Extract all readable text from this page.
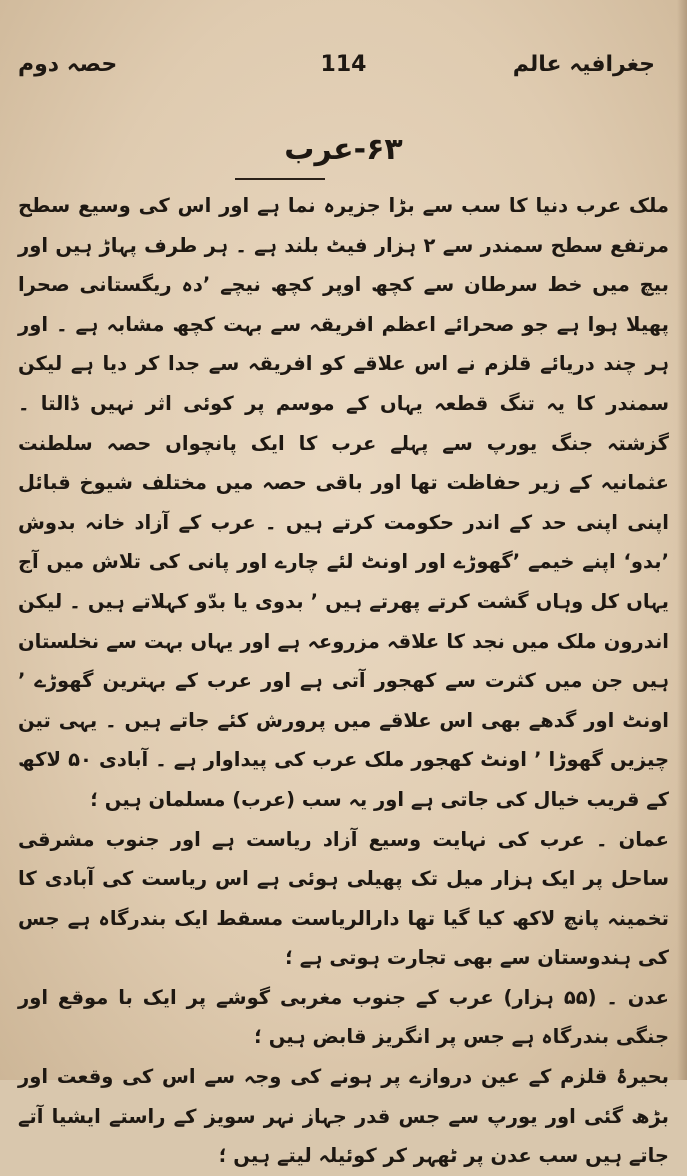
جغرافیہ عالم
114
حصہ دوم
۶۳-عرب

ملک عرب دنیا کا سب سے بڑا جزیرہ نما ہے اور اس کی وسیع سطح مرتفع سطح سمندر سے ۲ ہزار فیٹ بلند ہے ۔ ہر طرف پہاڑ ہیں اور بیچ میں خط سرطان سے کچھ اوپر کچھ نیچے ’دہ ریگستانی صحرا پھیلا ہوا ہے جو صحرائے اعظم افریقہ سے بہت کچھ مشابہ ہے ۔ اور ہر چند دریائے قلزم نے اس علاقے کو افریقہ سے جدا کر دیا ہے لیکن سمندر کا یہ تنگ قطعہ یہاں کے موسم پر کوئی اثر نہیں ڈالتا ۔ گزشتہ جنگ یورپ سے پہلے عرب کا ایک پانچواں حصہ سلطنت عثمانیہ کے زیر حفاظت تھا اور باقی حصہ میں مختلف شیوخ قبائل اپنی اپنی حد کے اندر حکومت کرتے ہیں ۔ عرب کے آزاد خانہ بدوش ’بدو‘ اپنے خیمے ’گھوڑے اور اونٹ لئے چارے اور پانی کی تلاش میں آج یہاں کل وہاں گشت کرتے پھرتے ہیں ’ بدوی یا بدّو کہلاتے ہیں ۔ لیکن اندرون ملک میں نجد کا علاقہ مزروعہ ہے اور یہاں بہت سے نخلستان ہیں جن میں کثرت سے کھجور آتی ہے اور عرب کے بہترین گھوڑے ’ اونٹ اور گدھے بھی اس علاقے میں پرورش کئے جاتے ہیں ۔ یہی تین چیزیں گھوڑا ’ اونٹ کھجور ملک عرب کی پیداوار ہے ۔ آبادی ۵۰ لاکھ کے قریب خیال کی جاتی ہے اور یہ سب (عرب) مسلمان ہیں ؛

عمان ۔ عرب کی نہایت وسیع آزاد ریاست ہے اور جنوب مشرقی ساحل پر ایک ہزار میل تک پھیلی ہوئی ہے اس ریاست کی آبادی کا تخمینہ پانچ لاکھ کیا گیا تھا دارالریاست مسقط ایک بندرگاہ ہے جس کی ہندوستان سے بھی تجارت ہوتی ہے ؛

عدن ۔ (۵۵ ہزار) عرب کے جنوب مغربی گوشے پر ایک با موقع اور جنگی بندرگاہ ہے جس پر انگریز قابض ہیں ؛

بحیرۂ قلزم کے عین دروازے پر ہونے کی وجہ سے اس کی وقعت اور بڑھ گئی اور یورپ سے جس قدر جہاز نہر سویز کے راستے ایشیا آتے جاتے ہیں سب عدن پر ٹھہر کر کوئیلہ لیتے ہیں ؛
